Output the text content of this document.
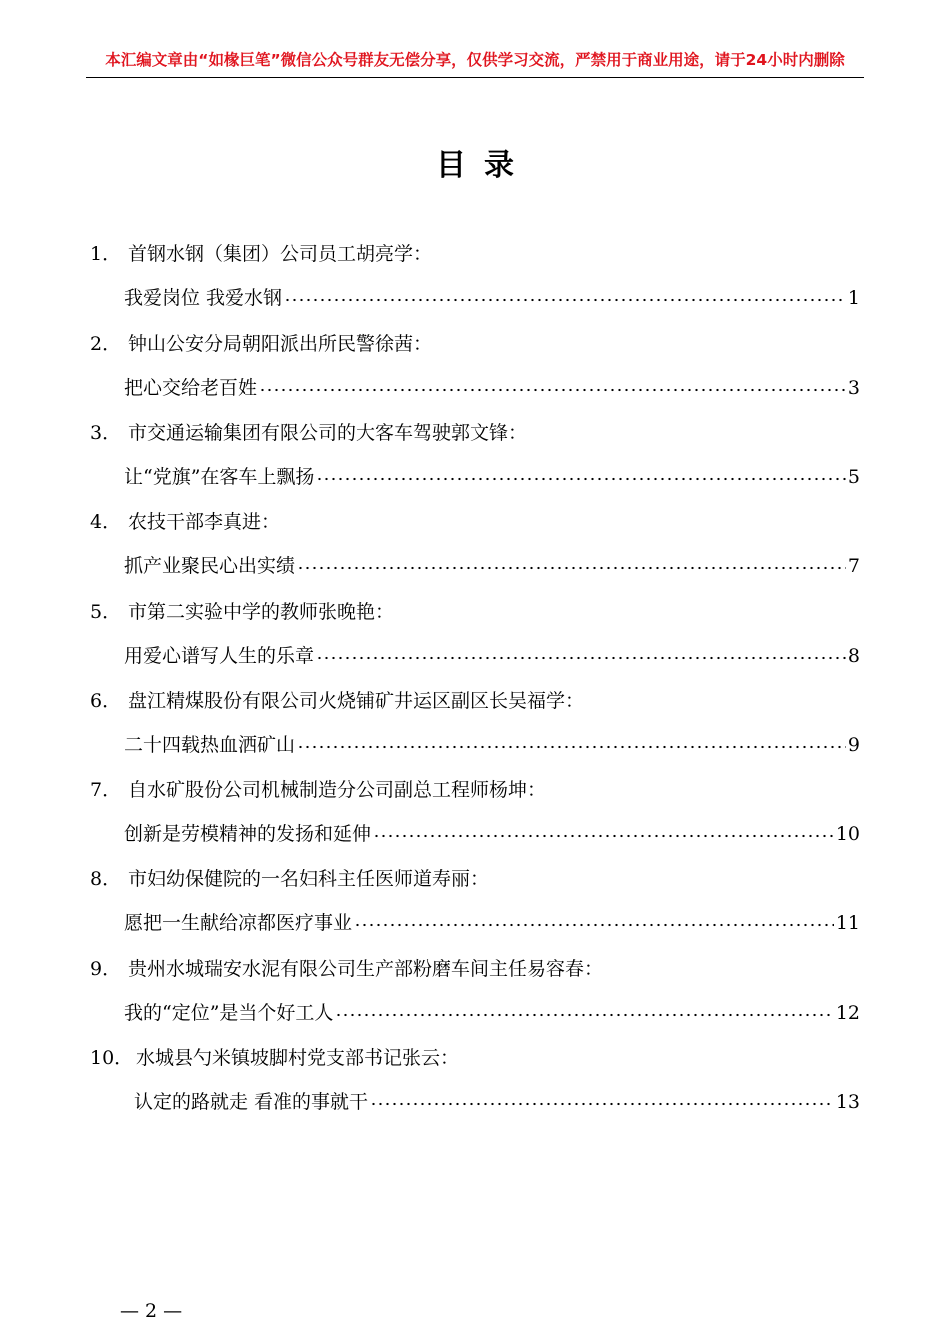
本汇编文章由“如椽巨笔”微信公众号群友无偿分享，仅供学习交流，严禁用于商业用途，请于24小时内删除
目录
1． 首钢水钢（集团）公司员工胡亮学：
我爱岗位 我爱水钢	1
2． 钟山公安分局朝阳派出所民警徐茜：
把心交给老百姓	3
3． 市交通运输集团有限公司的大客车驾驶郭文锋：
让“党旗”在客车上飘扬	5
4． 农技干部李真进：
抓产业聚民心出实绩	7
5． 市第二实验中学的教师张晚艳：
用爱心谱写人生的乐章	8
6． 盘江精煤股份有限公司火烧铺矿井运区副区长吴福学：
二十四载热血洒矿山	9
7． 自水矿股份公司机械制造分公司副总工程师杨坤：
创新是劳模精神的发扬和延伸	10
8． 市妇幼保健院的一名妇科主任医师道寿丽：
愿把一生献给凉都医疗事业	11
9． 贵州水城瑞安水泥有限公司生产部粉磨车间主任易容春：
我的“定位”是当个好工人	12
10． 水城县勺米镇坡脚村党支部书记张云：
认定的路就走 看准的事就干	13
— 2 —
